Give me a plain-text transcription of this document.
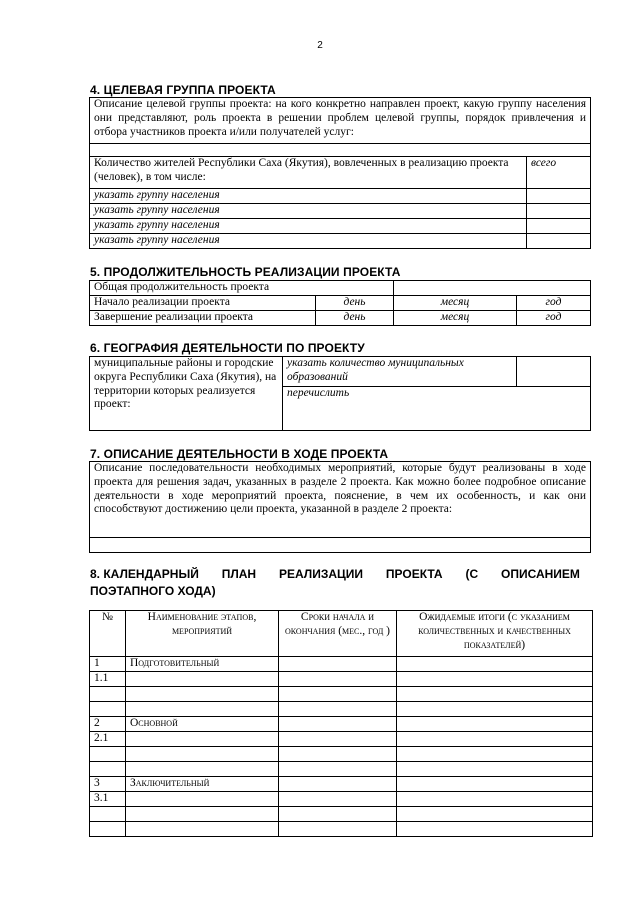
2
4. ЦЕЛЕВАЯ ГРУППА ПРОЕКТА
Описание целевой группы проекта: на кого конкретно направлен проект, какую группу населения они представляют, роль проекта в решении проблем целевой группы, порядок привлечения и отбора участников проекта и/или получателей услуг:	

Количество жителей Республики Саха (Якутия), вовлеченных в реализацию проекта (человек), в том числе:	всего
указать группу населения	
указать группу населения	
указать группу населения	
указать группу населения	
5. ПРОДОЛЖИТЕЛЬНОСТЬ РЕАЛИЗАЦИИ ПРОЕКТА
Общая продолжительность проекта			
Начало реализации проекта	день	месяц	год
Завершение реализации проекта	день	месяц	год
6. ГЕОГРАФИЯ ДЕЯТЕЛЬНОСТИ ПО ПРОЕКТУ
муниципальные районы и городские округа Республики Саха (Якутия), на территории которых реализуется проект:	указать количество муниципальных образований	
перечислить
7. ОПИСАНИЕ ДЕЯТЕЛЬНОСТИ В ХОДЕ ПРОЕКТА
Описание последовательности необходимых мероприятий, которые будут реализованы в ходе проекта для решения задач, указанных в разделе 2 проекта. Как можно более подробное описание деятельности в ходе мероприятий проекта, пояснение, в чем их особенность, и как они способствуют достижению цели проекта, указанной в разделе 2 проекта:

8. КАЛЕНДАРНЫЙ ПЛАН РЕАЛИЗАЦИИ ПРОЕКТА (С ОПИСАНИЕМ
ПОЭТАПНОГО ХОДА)
№	Наименование этапов, мероприятий	Сроки начала и окончания (мес., год )	Ожидаемые итоги (с указанием количественных и качественных показателей)
1	Подготовительный		
1.1			

2	Основной		
2.1			

3	Заключительный		
3.1			
